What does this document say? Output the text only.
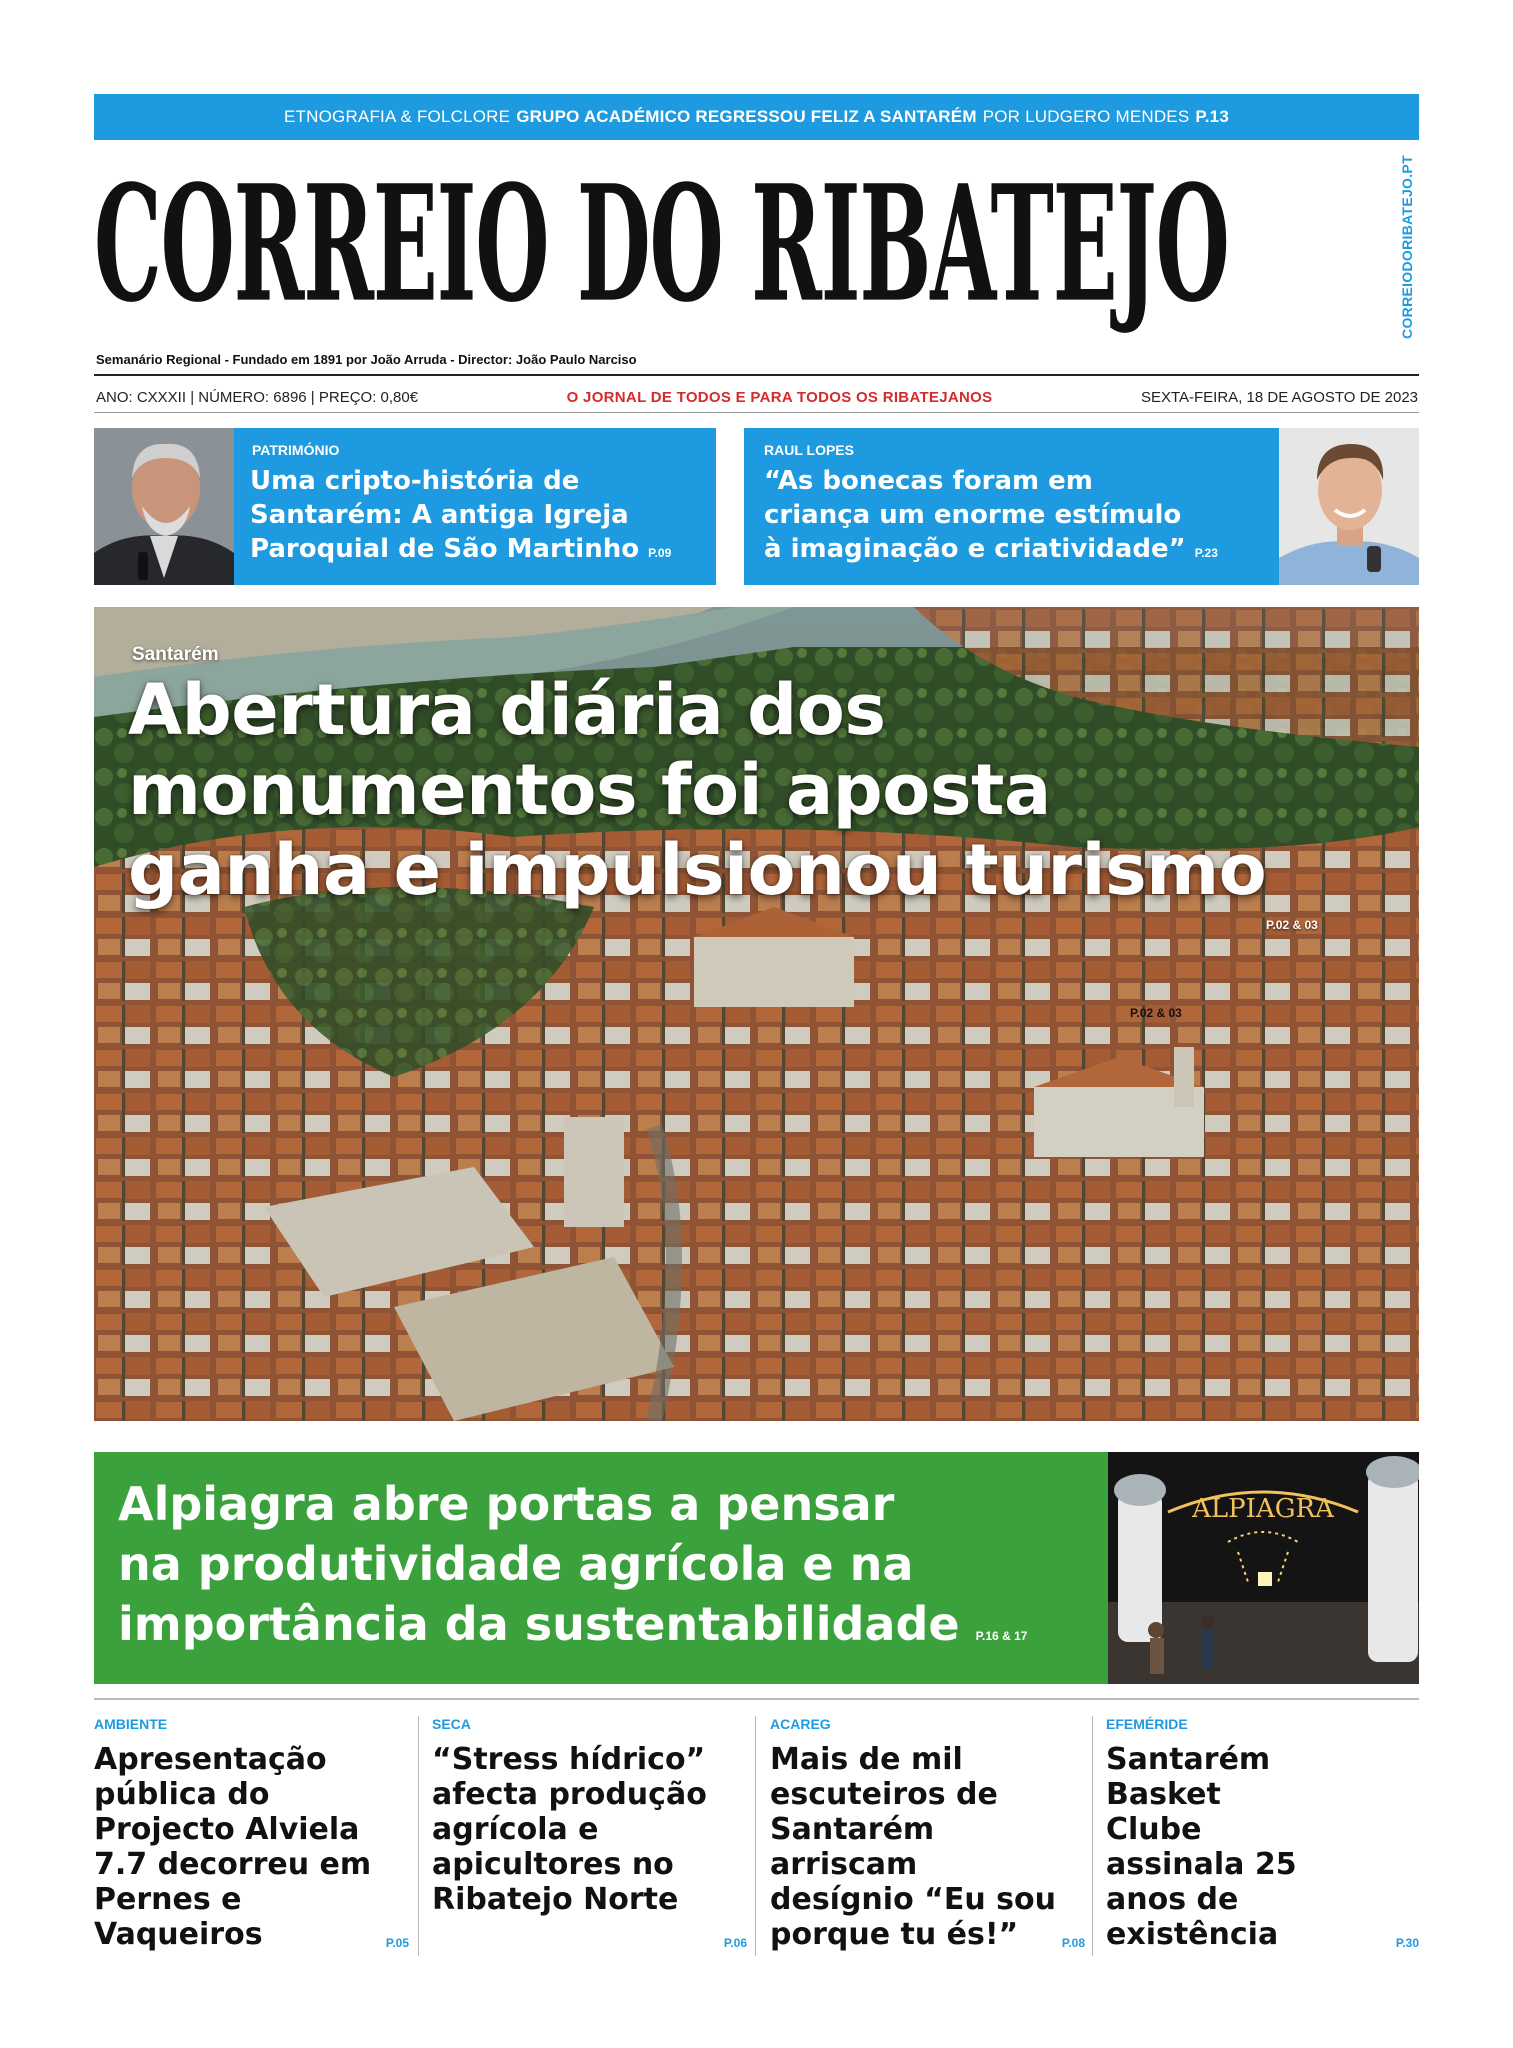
ETNOGRAFIA & FOLCLORE GRUPO ACADÉMICO REGRESSOU FELIZ A SANTARÉM POR LUDGERO MENDES P.13
CORREIO DO RIBATEJO	CORREIODORIBATEJO.PT
Semanário Regional - Fundado em 1891 por João Arruda - Director: João Paulo Narciso
ANO: CXXXII | NÚMERO: 6896 | PREÇO: 0,80€	O JORNAL DE TODOS E PARA TODOS OS RIBATEJANOS	SEXTA-FEIRA, 18 DE AGOSTO DE 2023
PATRIMÓNIO
Uma cripto-história de
Santarém: A antiga Igreja
Paroquial de São Martinho P.09
RAUL LOPES
“As bonecas foram em
criança um enorme estímulo
à imaginação e criatividade” P.23
Santarém
Abertura diária dos
monumentos foi aposta
ganha e impulsionou turismo
P.02 & 03
P.02 & 03
Alpiagra abre portas a pensar
na produtividade agrícola e na
importância da sustentabilidade P.16 & 17
ALPIAGRA
AMBIENTE
Apresentação pública do Projecto Alviela 7.7 decorreu em Pernes e Vaqueiros	P.05
SECA
“Stress hídrico” afecta produção agrícola e apicultores no Ribatejo Norte
P.06
ACAREG
Mais de mil escuteiros de Santarém arriscam desígnio “Eu sou porque tu és!”	P.08
EFEMÉRIDE
Santarém Basket Clube assinala 25 anos de existência	P.30
